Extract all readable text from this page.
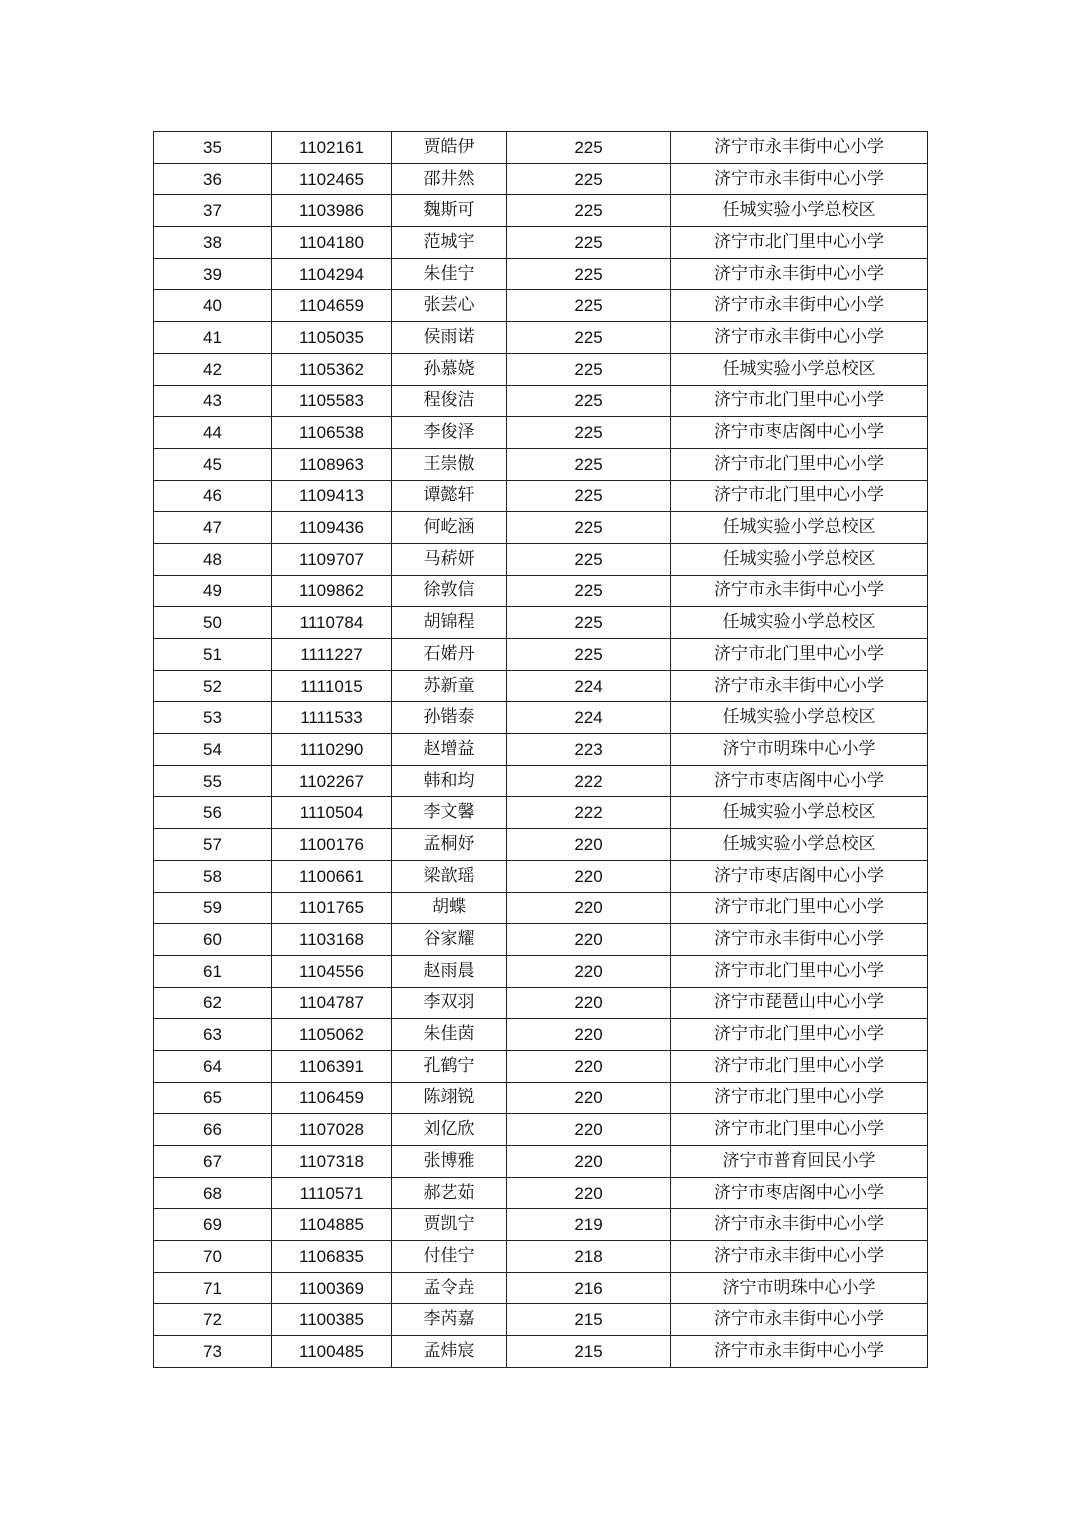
35	1102161	贾皓伊	225	济宁市永丰街中心小学
36	1102465	邵井然	225	济宁市永丰街中心小学
37	1103986	魏斯可	225	任城实验小学总校区
38	1104180	范城宇	225	济宁市北门里中心小学
39	1104294	朱佳宁	225	济宁市永丰街中心小学
40	1104659	张芸心	225	济宁市永丰街中心小学
41	1105035	侯雨诺	225	济宁市永丰街中心小学
42	1105362	孙慕娆	225	任城实验小学总校区
43	1105583	程俊洁	225	济宁市北门里中心小学
44	1106538	李俊泽	225	济宁市枣店阁中心小学
45	1108963	王崇傲	225	济宁市北门里中心小学
46	1109413	谭懿轩	225	济宁市北门里中心小学
47	1109436	何屹涵	225	任城实验小学总校区
48	1109707	马菥妍	225	任城实验小学总校区
49	1109862	徐敦信	225	济宁市永丰街中心小学
50	1110784	胡锦程	225	任城实验小学总校区
51	1111227	石婼丹	225	济宁市北门里中心小学
52	1111015	苏新童	224	济宁市永丰街中心小学
53	1111533	孙锴泰	224	任城实验小学总校区
54	1110290	赵增益	223	济宁市明珠中心小学
55	1102267	韩和均	222	济宁市枣店阁中心小学
56	1110504	李文馨	222	任城实验小学总校区
57	1100176	孟桐妤	220	任城实验小学总校区
58	1100661	梁歆瑶	220	济宁市枣店阁中心小学
59	1101765	胡蝶	220	济宁市北门里中心小学
60	1103168	谷家耀	220	济宁市永丰街中心小学
61	1104556	赵雨晨	220	济宁市北门里中心小学
62	1104787	李双羽	220	济宁市琵琶山中心小学
63	1105062	朱佳茵	220	济宁市北门里中心小学
64	1106391	孔鹤宁	220	济宁市北门里中心小学
65	1106459	陈翊锐	220	济宁市北门里中心小学
66	1107028	刘亿欣	220	济宁市北门里中心小学
67	1107318	张博雅	220	济宁市普育回民小学
68	1110571	郝艺茹	220	济宁市枣店阁中心小学
69	1104885	贾凯宁	219	济宁市永丰街中心小学
70	1106835	付佳宁	218	济宁市永丰街中心小学
71	1100369	孟令垚	216	济宁市明珠中心小学
72	1100385	李芮嘉	215	济宁市永丰街中心小学
73	1100485	孟炜宸	215	济宁市永丰街中心小学
